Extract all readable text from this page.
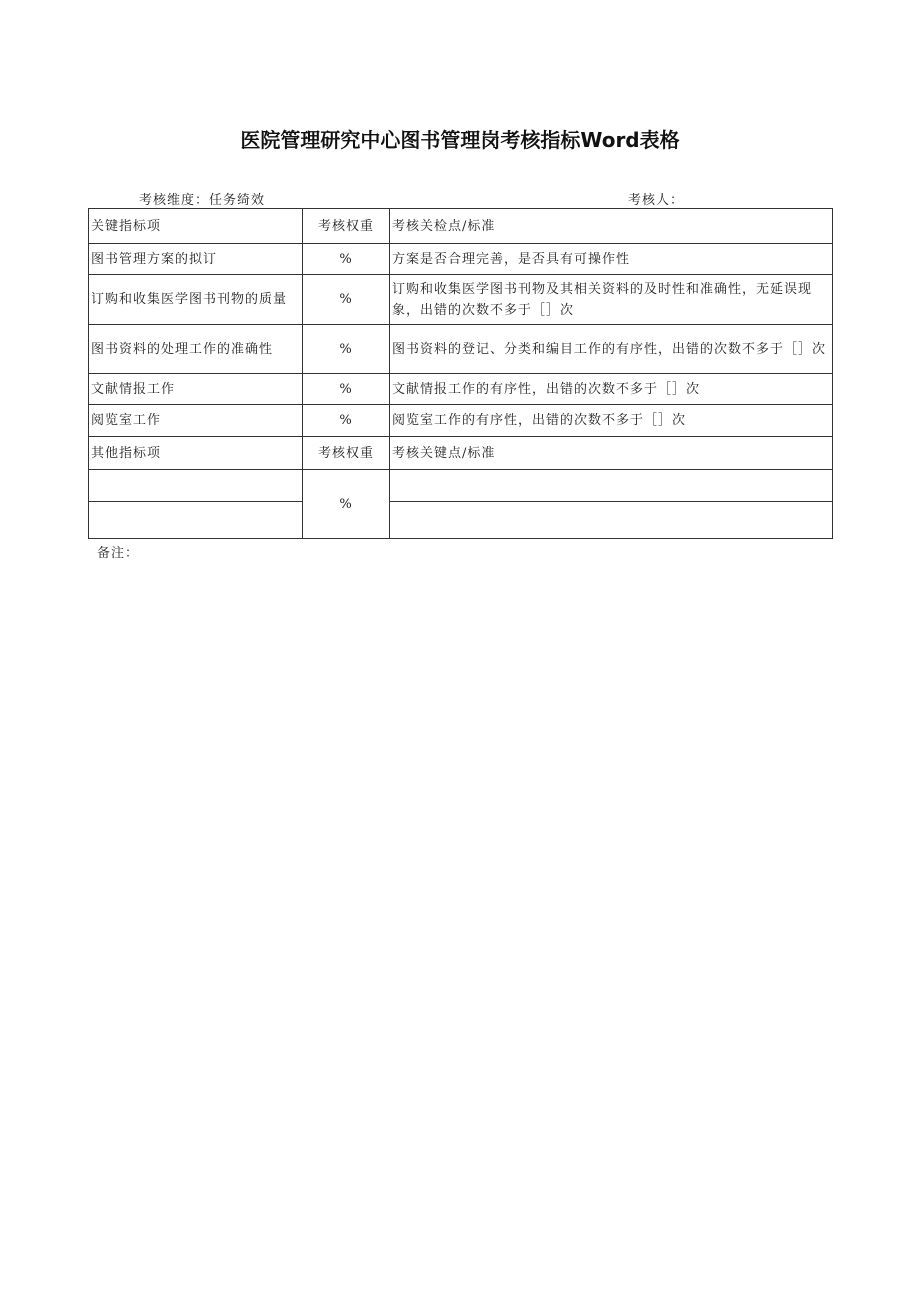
医院管理研究中心图书管理岗考核指标Word表格
考核维度：任务绮效	考核人：
关键指标项	考核权重	考核关检点/标准
图书管理方案的拟订	%	方案是否合理完善，是否具有可操作性
订购和收集医学图书刊物的质量	%	订购和收集医学图书刊物及其相关资料的及时性和准确性，无延误现象，出错的次数不多于［］次
图书资料的处理工作的准确性	%	图书资料的登记、分类和编目工作的有序性，出错的次数不多于［］次
文献情报工作	%	文献情报工作的有序性，出错的次数不多于［］次
阅览室工作	%	阅览室工作的有序性，出错的次数不多于［］次
其他指标项	考核权重	考核关键点/标准
	%	

备注：
